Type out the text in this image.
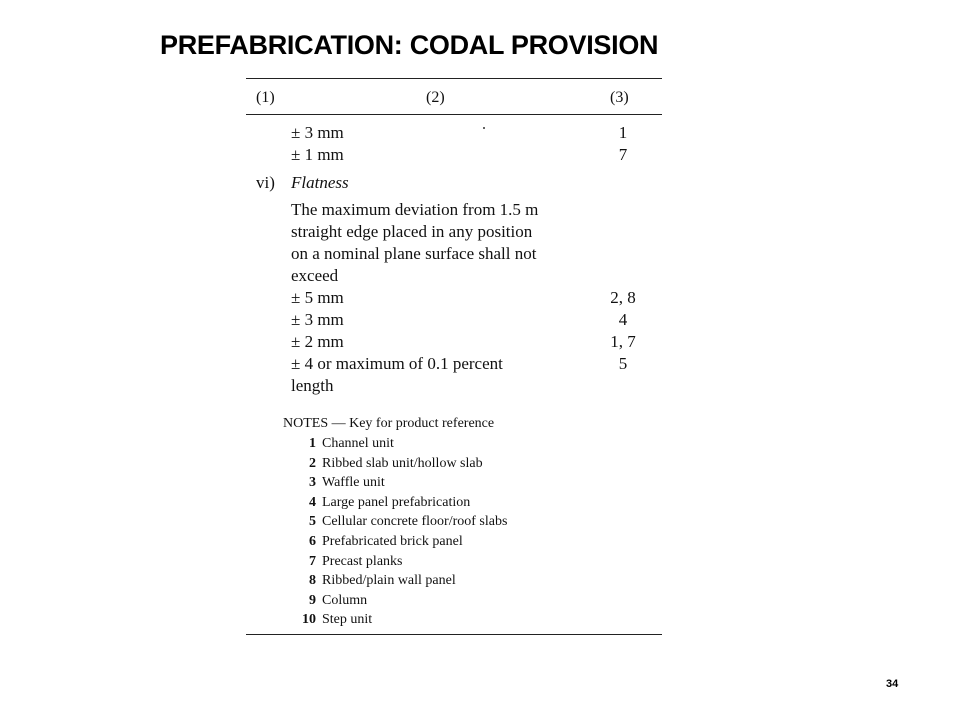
PREFABRICATION: CODAL PROVISION
(1)	(2)	(3)
± 3 mm	1
± 1 mm	7
vi) Flatness
The maximum deviation from 1.5 m
straight edge placed in any position
on a nominal plane surface shall not
exceed
± 5 mm	2, 8
± 3 mm	4
± 2 mm	1, 7
± 4 or maximum of 0.1 percent	5
length
NOTES — Key for product reference
1 Channel unit
2 Ribbed slab unit/hollow slab
3 Waffle unit
4 Large panel prefabrication
5 Cellular concrete floor/roof slabs
6 Prefabricated brick panel
7 Precast planks
8 Ribbed/plain wall panel
9 Column
10 Step unit
34
